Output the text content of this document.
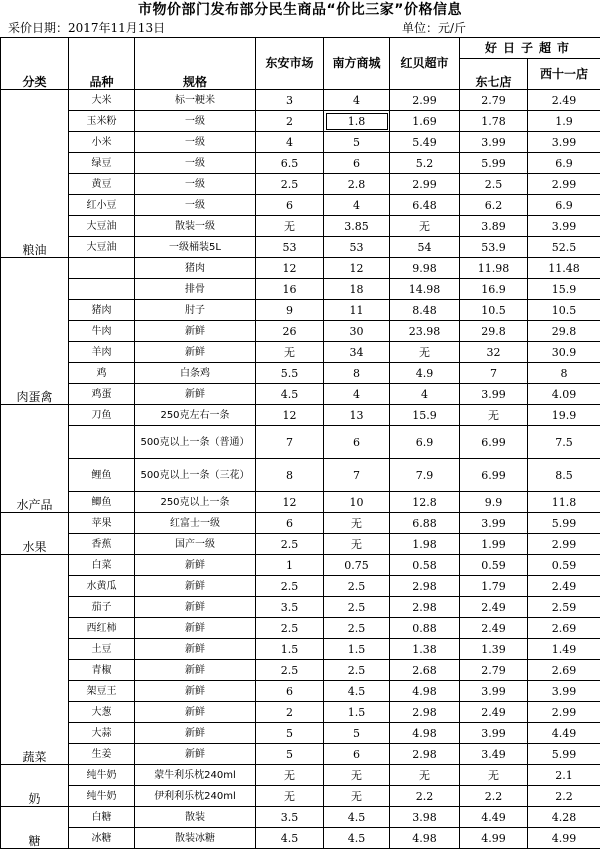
市物价部门发布部分民生商品“价比三家”价格信息
采价日期：2017年11月13日	单位：元/斤
分类	品种	规格	东安市场	南方商城	红贝超市	好日子超市	
						东七店	西十一店
粮油	大米	标一粳米	3	4	2.99	2.79	2.49
	玉米粉	一级	2	1.8	1.69	1.78	1.9
	小米	一级	4	5	5.49	3.99	3.99
	绿豆	一级	6.5	6	5.2	5.99	6.9
	黄豆	一级	2.5	2.8	2.99	2.5	2.99
	红小豆	一级	6	4	6.48	6.2	6.9
	大豆油	散装一级	无	3.85	无	3.89	3.99
	大豆油	一级桶装5L	53	53	54	53.9	52.5
肉蛋禽		猪肉	12	12	9.98	11.98	11.48
		排骨	16	18	14.98	16.9	15.9
	猪肉	肘子	9	11	8.48	10.5	10.5
	牛肉	新鲜	26	30	23.98	29.8	29.8
	羊肉	新鲜	无	34	无	32	30.9
	鸡	白条鸡	5.5	8	4.9	7	8
	鸡蛋	新鲜	4.5	4	4	3.99	4.09
水产品	刀鱼	250克左右一条	12	13	15.9	无	19.9
		500克以上一条（普通）	7	6	6.9	6.99	7.5
	鲤鱼	500克以上一条（三花）	8	7	7.9	6.99	8.5
	鲫鱼	250克以上一条	12	10	12.8	9.9	11.8
水果	苹果	红富士一级	6	无	6.88	3.99	5.99
	香蕉	国产一级	2.5	无	1.98	1.99	2.99
蔬菜	白菜	新鲜	1	0.75	0.58	0.59	0.59
	水黄瓜	新鲜	2.5	2.5	2.98	1.79	2.49
	茄子	新鲜	3.5	2.5	2.98	2.49	2.59
	西红柿	新鲜	2.5	2.5	0.88	2.49	2.69
	土豆	新鲜	1.5	1.5	1.38	1.39	1.49
	青椒	新鲜	2.5	2.5	2.68	2.79	2.69
	架豆王	新鲜	6	4.5	4.98	3.99	3.99
	大葱	新鲜	2	1.5	2.98	2.49	2.99
	大蒜	新鲜	5	5	4.98	3.99	4.49
	生姜	新鲜	5	6	2.98	3.49	5.99
奶	纯牛奶	蒙牛利乐枕240ml	无	无	无	无	2.1
	纯牛奶	伊利利乐枕240ml	无	无	2.2	2.2	2.2
糖	白糖	散装	3.5	4.5	3.98	4.49	4.28
	冰糖	散装冰糖	4.5	4.5	4.98	4.99	4.99
